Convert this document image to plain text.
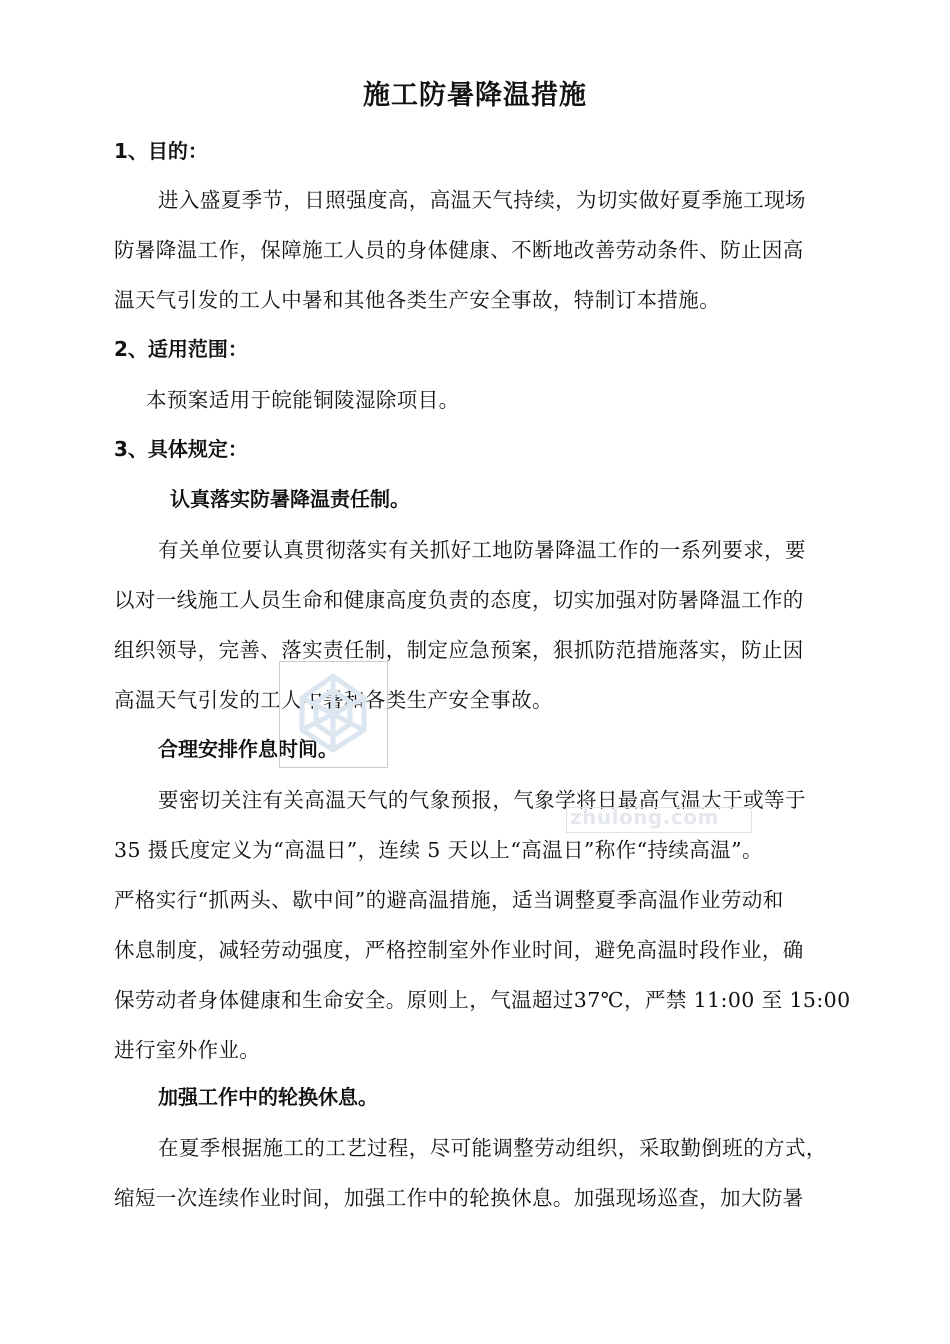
施工防暑降温措施
1、目的：
进入盛夏季节，日照强度高，高温天气持续，为切实做好夏季施工现场
防暑降温工作，保障施工人员的身体健康、不断地改善劳动条件、防止因高
温天气引发的工人中暑和其他各类生产安全事故，特制订本措施。
2、适用范围：
本预案适用于皖能铜陵湿除项目。
3、具体规定：
认真落实防暑降温责任制。
有关单位要认真贯彻落实有关抓好工地防暑降温工作的一系列要求，要
以对一线施工人员生命和健康高度负责的态度，切实加强对防暑降温工作的
组织领导，完善、落实责任制，制定应急预案，狠抓防范措施落实，防止因
高温天气引发的工人中暑和各类生产安全事故。
合理安排作息时间。
要密切关注有关高温天气的气象预报，气象学将日最高气温大于或等于
35 摄氏度定义为“高温日”，连续 5 天以上“高温日”称作“持续高温”。
严格实行“抓两头、歇中间”的避高温措施，适当调整夏季高温作业劳动和
休息制度，减轻劳动强度，严格控制室外作业时间，避免高温时段作业，确
保劳动者身体健康和生命安全。原则上，气温超过37℃，严禁 11:00 至 15:00
进行室外作业。
加强工作中的轮换休息。
在夏季根据施工的工艺过程，尽可能调整劳动组织，采取勤倒班的方式，
缩短一次连续作业时间，加强工作中的轮换休息。加强现场巡查，加大防暑
zhulong.com
